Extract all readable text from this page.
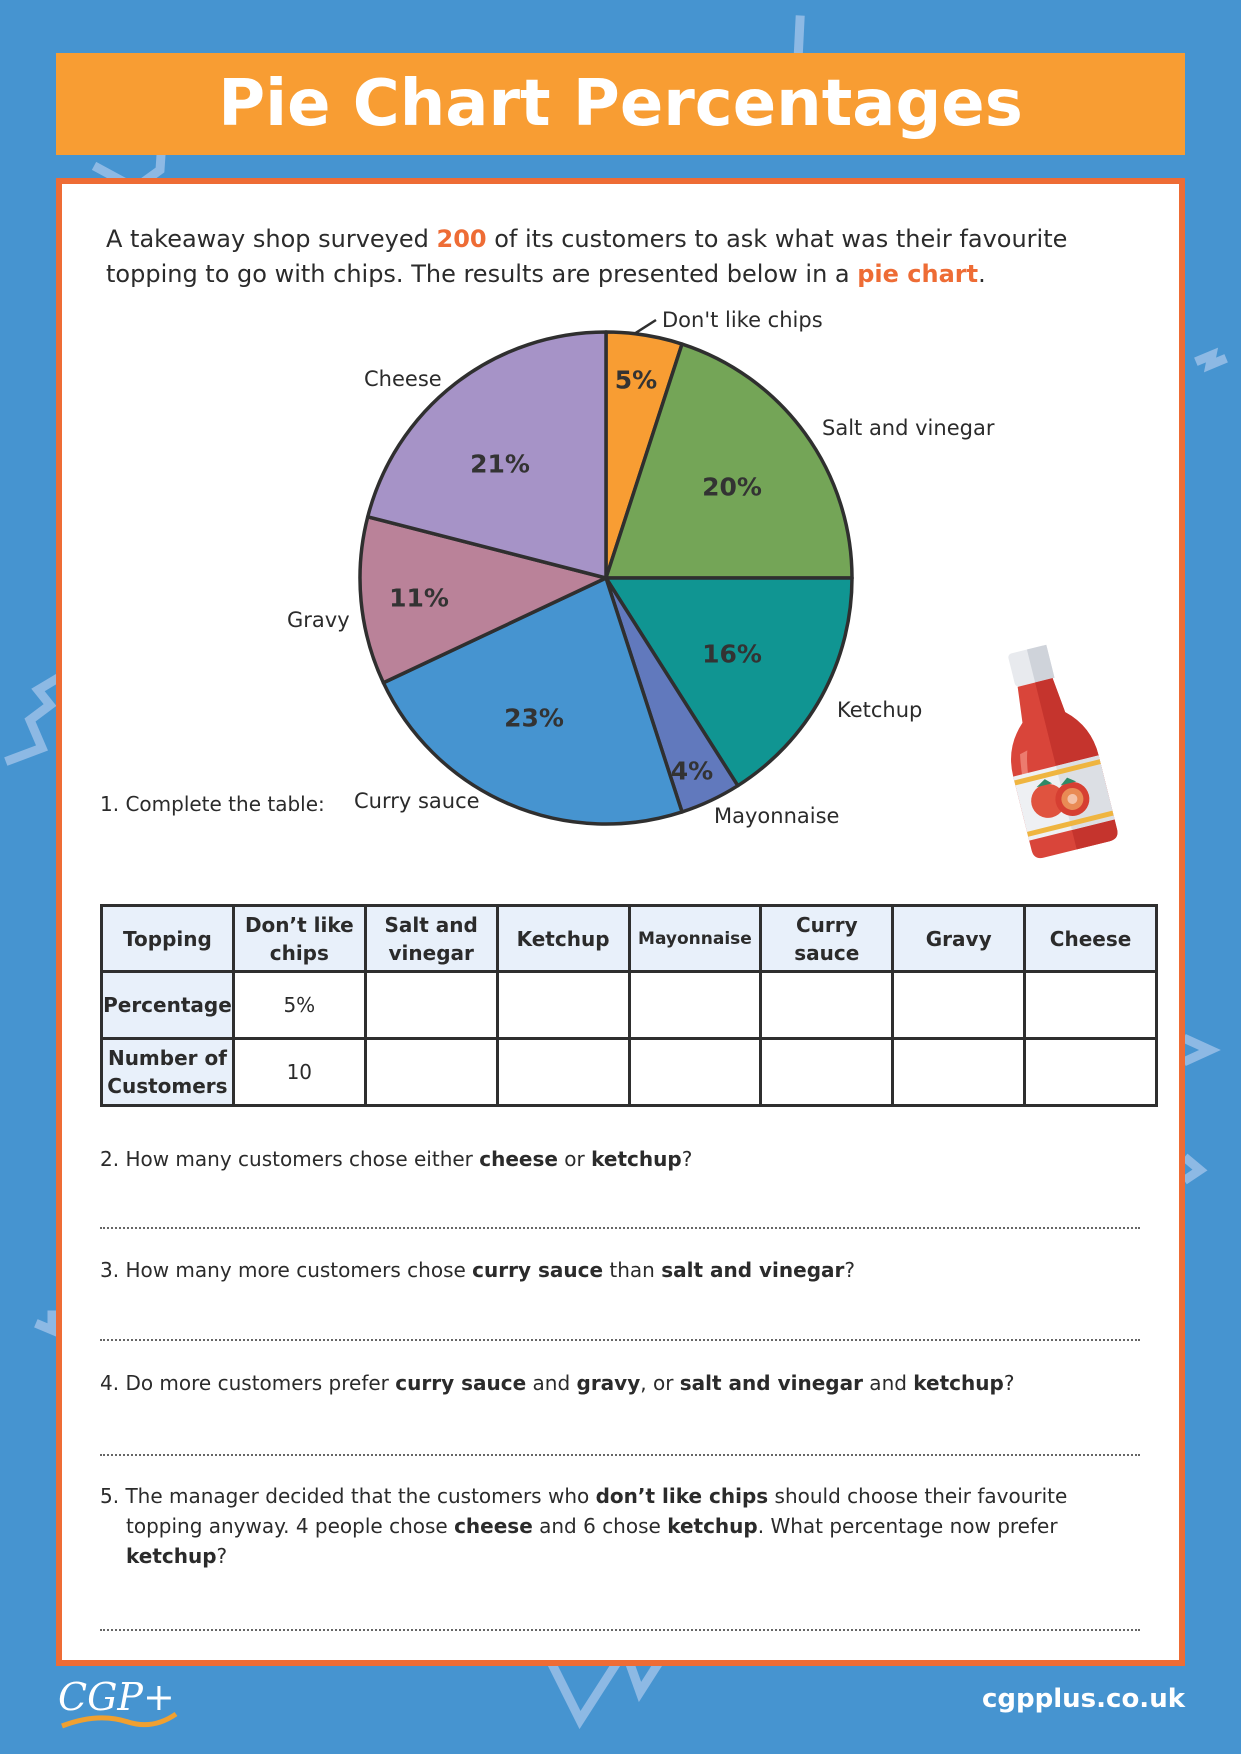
Pie Chart Percentages
A takeaway shop surveyed 200 of its customers to ask what was their favourite topping to go with chips. The results are presented below in a pie chart.
Don't like chips
Salt and vinegar
Ketchup
Mayonnaise
Curry sauce
Gravy
Cheese	5%
20%
16%
4%
23%
11%
21%
1. Complete the table:
Topping	Don’t like chips	Salt and vinegar	Ketchup	Mayonnaise	Curry sauce	Gravy	Cheese
Percentage	5%						
Number of Customers	10						
2. How many customers chose either cheese or ketchup?
3. How many more customers chose curry sauce than salt and vinegar?
4. Do more customers prefer curry sauce and gravy, or salt and vinegar and ketchup?
5. The manager decided that the customers who don’t like chips should choose their favourite
topping anyway. 4 people chose cheese and 6 chose ketchup. What percentage now prefer
ketchup?
CGP+	cgpplus.co.uk
